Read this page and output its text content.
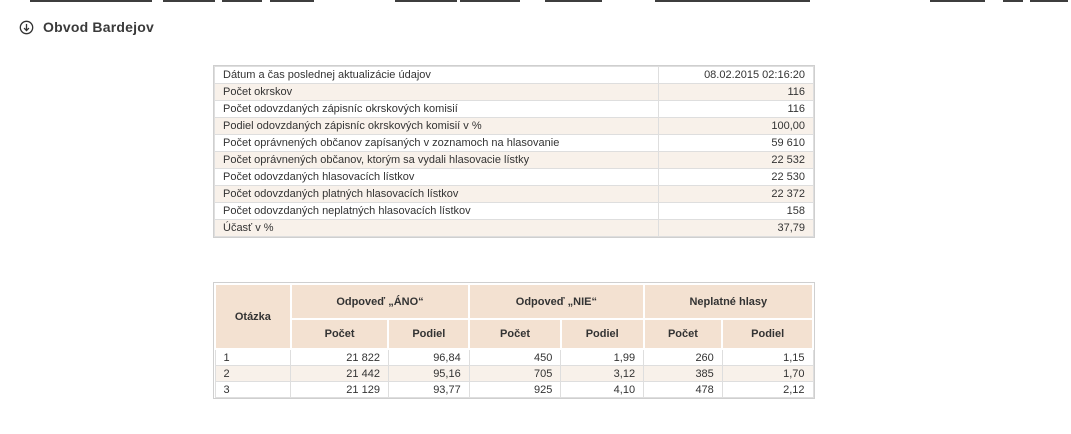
Obvod Bardejov
Dátum a čas poslednej aktualizácie údajov	08.02.2015 02:16:20
Počet okrskov	116
Počet odovzdaných zápisníc okrskových komisií	116
Podiel odovzdaných zápisníc okrskových komisií v %	100,00
Počet oprávnených občanov zapísaných v zoznamoch na hlasovanie	59 610
Počet oprávnených občanov, ktorým sa vydali hlasovacie lístky	22 532
Počet odovzdaných hlasovacích lístkov	22 530
Počet odovzdaných platných hlasovacích lístkov	22 372
Počet odovzdaných neplatných hlasovacích lístkov	158
Účasť v %	37,79
Otázka	Odpoveď „ÁNO“		Odpoveď „NIE“		Neplatné hlasy	
	Počet	Podiel	Počet	Podiel	Počet	Podiel
1	21 822	96,84	450	1,99	260	1,15
2	21 442	95,16	705	3,12	385	1,70
3	21 129	93,77	925	4,10	478	2,12
